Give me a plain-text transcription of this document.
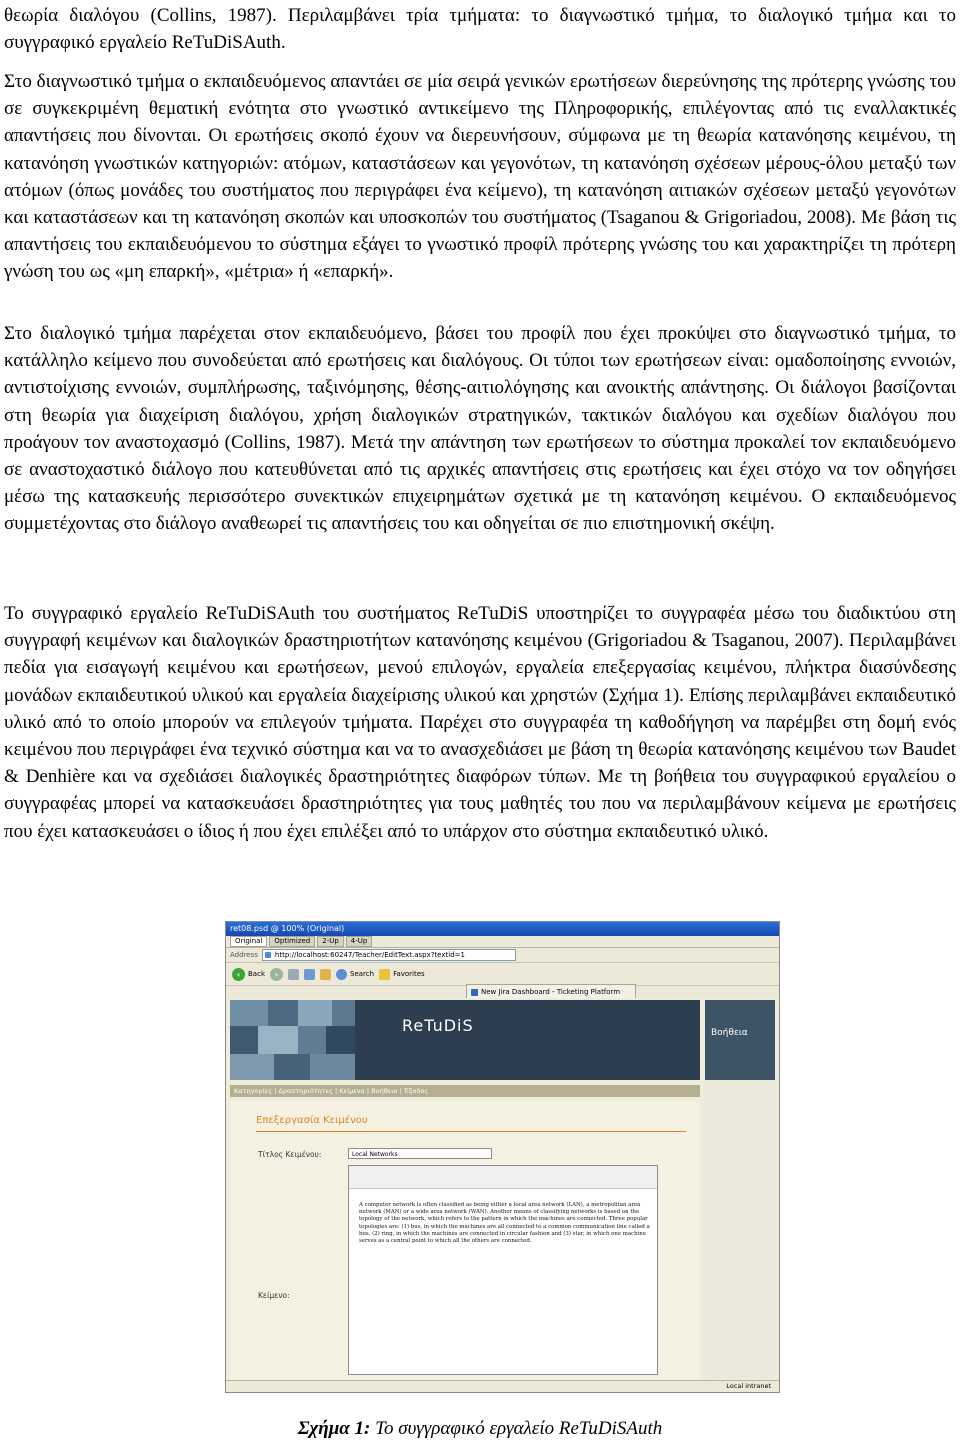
θεωρία διαλόγου (Collins, 1987). Περιλαμβάνει τρία τμήματα: το διαγνωστικό τμήμα, το διαλογικό τμήμα και το συγγραφικό εργαλείο ReTuDiSAuth.

Στο διαγνωστικό τμήμα ο εκπαιδευόμενος απαντάει σε μία σειρά γενικών ερωτήσεων διερεύνησης της πρότερης γνώσης του σε συγκεκριμένη θεματική ενότητα στο γνωστικό αντικείμενο της Πληροφορικής, επιλέγοντας από τις εναλλακτικές απαντήσεις που δίνονται. Οι ερωτήσεις σκοπό έχουν να διερευνήσουν, σύμφωνα με τη θεωρία κατανόησης κειμένου, τη κατανόηση γνωστικών κατηγοριών: ατόμων, καταστάσεων και γεγονότων, τη κατανόηση σχέσεων μέρους-όλου μεταξύ των ατόμων (όπως μονάδες του συστήματος που περιγράφει ένα κείμενο), τη κατανόηση αιτιακών σχέσεων μεταξύ γεγονότων και καταστάσεων και τη κατανόηση σκοπών και υποσκοπών του συστήματος (Tsaganou & Grigoriadou, 2008). Με βάση τις απαντήσεις του εκπαιδευόμενου το σύστημα εξάγει το γνωστικό προφίλ πρότερης γνώσης του και χαρακτηρίζει τη πρότερη γνώση του ως «μη επαρκή», «μέτρια» ή «επαρκή».

Στο διαλογικό τμήμα παρέχεται στον εκπαιδευόμενο, βάσει του προφίλ που έχει προκύψει στο διαγνωστικό τμήμα, το κατάλληλο κείμενο που συνοδεύεται από ερωτήσεις και διαλόγους. Οι τύποι των ερωτήσεων είναι: ομαδοποίησης εννοιών, αντιστοίχισης εννοιών, συμπλήρωσης, ταξινόμησης, θέσης-αιτιολόγησης και ανοικτής απάντησης. Οι διάλογοι βασίζονται στη θεωρία για διαχείριση διαλόγου, χρήση διαλογικών στρατηγικών, τακτικών διαλόγου και σχεδίων διαλόγου που προάγουν τον αναστοχασμό (Collins, 1987). Μετά την απάντηση των ερωτήσεων το σύστημα προκαλεί τον εκπαιδευόμενο σε αναστοχαστικό διάλογο που κατευθύνεται από τις αρχικές απαντήσεις στις ερωτήσεις και έχει στόχο να τον οδηγήσει μέσω της κατασκευής περισσότερο συνεκτικών επιχειρημάτων σχετικά με τη κατανόηση κειμένου. Ο εκπαιδευόμενος συμμετέχοντας στο διάλογο αναθεωρεί τις απαντήσεις του και οδηγείται σε πιο επιστημονική σκέψη.

Το συγγραφικό εργαλείο ReTuDiSAuth του συστήματος ReTuDiS υποστηρίζει το συγγραφέα μέσω του διαδικτύου στη συγγραφή κειμένων και διαλογικών δραστηριοτήτων κατανόησης κειμένου (Grigoriadou & Tsaganou, 2007). Περιλαμβάνει πεδία για εισαγωγή κειμένου και ερωτήσεων, μενού επιλογών, εργαλεία επεξεργασίας κειμένου, πλήκτρα διασύνδεσης μονάδων εκπαιδευτικού υλικού και εργαλεία διαχείρισης υλικού και χρηστών (Σχήμα 1). Επίσης περιλαμβάνει εκπαιδευτικό υλικό από το οποίο μπορούν να επιλεγούν τμήματα. Παρέχει στο συγγραφέα τη καθοδήγηση να παρέμβει στη δομή ενός κειμένου που περιγράφει ένα τεχνικό σύστημα και να το ανασχεδιάσει με βάση τη θεωρία κατανόησης κειμένου των Baudet & Denhière και να σχεδιάσει διαλογικές δραστηριότητες διαφόρων τύπων. Με τη βοήθεια του συγγραφικού εργαλείου ο συγγραφέας μπορεί να κατασκευάσει δραστηριότητες για τους μαθητές του που να περιλαμβάνουν κείμενα με ερωτήσεις που έχει κατασκευάσει ο ίδιος ή που έχει επιλέξει από το υπάρχον στο σύστημα εκπαιδευτικό υλικό.

ret08.psd @ 100% (Original)
Original	Optimized	2-Up	4-Up
Address	http://localhost:60247/Teacher/EditText.aspx?textid=1
‹	Back	›	Search	Favorites
New Jira Dashboard - Ticketing Platform
ReTuDiS	Βοήθεια
Κατηγορίες | Δραστηριότητες | Κείμενα | Βοήθεια | Έξοδος
Επεξεργασία Κειμένου
Τίτλος Κειμένου:	Local Networks
Κείμενο:
A computer network is often classified as being either a local area network (LAN), a metropolitan area network (MAN) or a wide area network (WAN). Another means of classifying networks is based on the topology of the network, which refers to the pattern in which the machines are connected. Three popular topologies are: (1) bus, in which the machines are all connected to a common communication line called a bus, (2) ring, in which the machines are connected in circular fashion and (3) star, in which one machine serves as a central point to which all the others are connected.
Local intranet
Σχήμα 1: Το συγγραφικό εργαλείο ReTuDiSAuth
